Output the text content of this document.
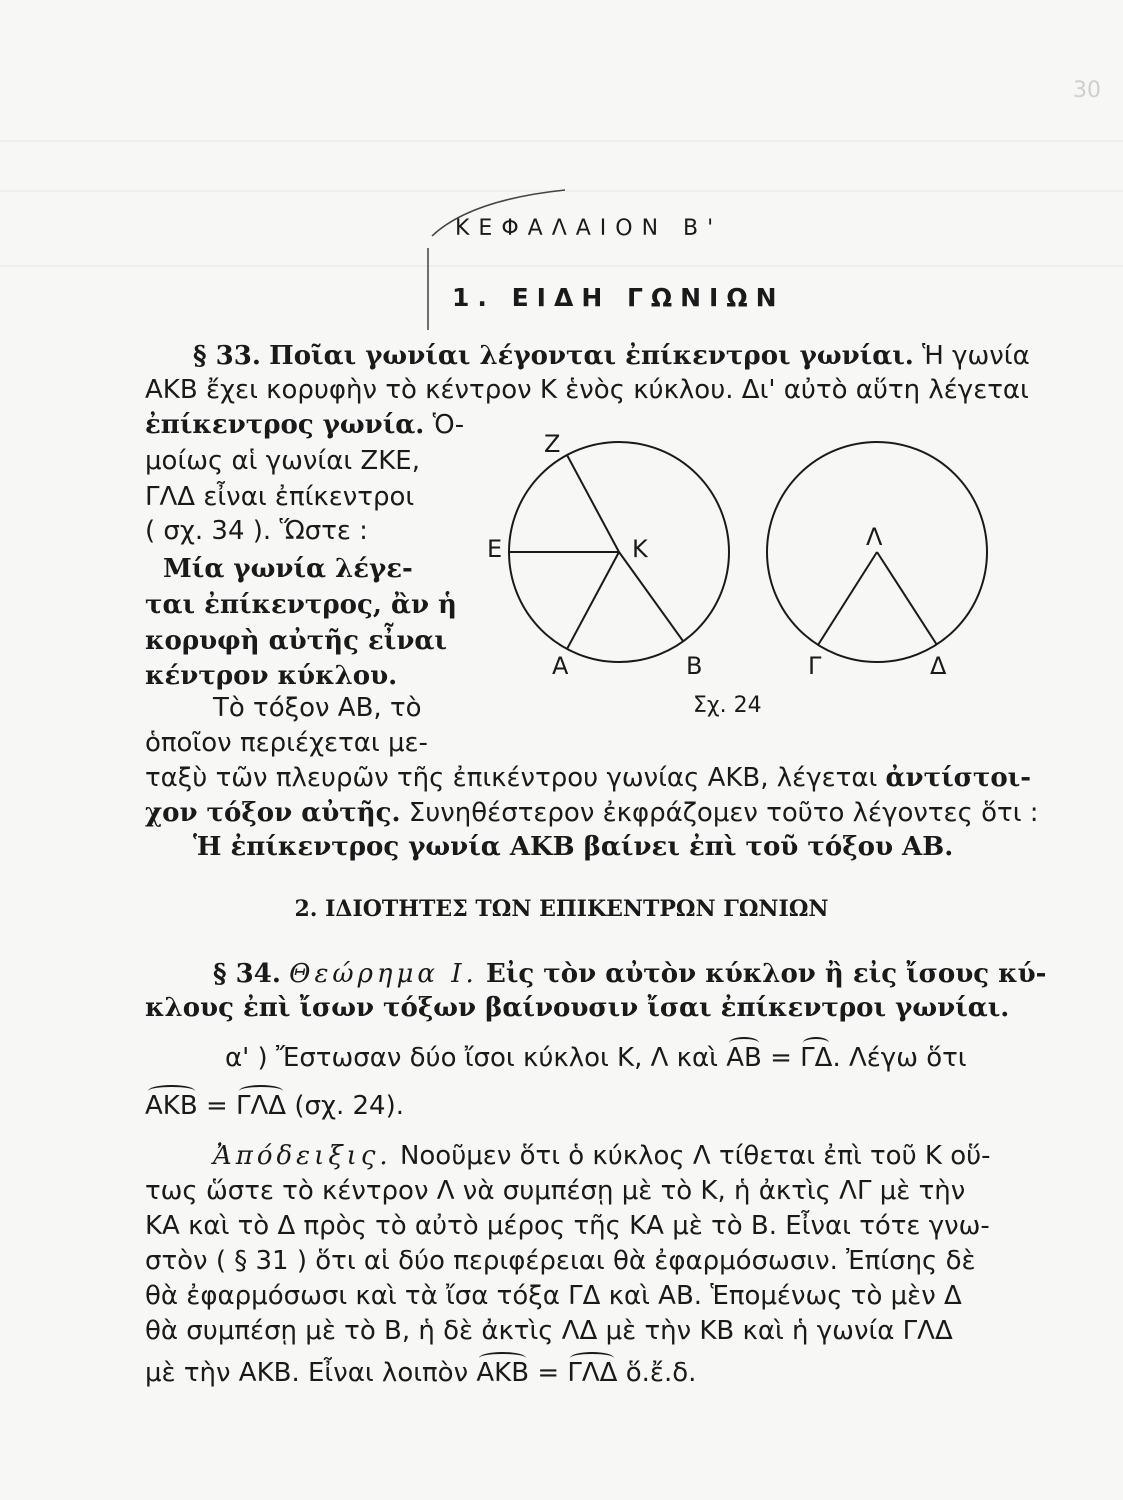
30
ΚΕΦΑΛΑΙΟΝ Β'
1. ΕΙΔΗ ΓΩΝΙΩΝ
§ 33. Ποῖαι γωνίαι λέγονται ἐπίκεντροι γωνίαι. Ἡ γωνία
ΑΚΒ ἔχει κορυφὴν τὸ κέντρον Κ ἑνὸς κύκλου. Δι' αὐτὸ αὕτη λέγεται
ἐπίκεντρος γωνία. Ὁ-
μοίως αἱ γωνίαι ΖΚΕ,
ΓΛΔ εἶναι ἐπίκεντροι
( σχ. 34 ). Ὥστε :
Μία γωνία λέγε-
ται ἐπίκεντρος, ἂν ἡ
κορυφὴ αὐτῆς εἶναι
κέντρον κύκλου.
Τὸ τόξον ΑΒ, τὸ
ὁποῖον περιέχεται με-
ταξὺ τῶν πλευρῶν τῆς ἐπικέντρου γωνίας ΑΚΒ, λέγεται ἀντίστοι-
χον τόξον αὐτῆς. Συνηθέστερον ἐκφράζομεν τοῦτο λέγοντες ὅτι :
Ἡ ἐπίκεντρος γωνία ΑΚΒ βαίνει ἐπὶ τοῦ τόξου ΑΒ.
Z
Ε	Κ
Α	Β
Λ
Γ	Δ
Σχ. 24
2. ΙΔΙΟΤΗΤΕΣ ΤΩΝ ΕΠΙΚΕΝΤΡΩΝ ΓΩΝΙΩΝ
§ 34. Θεώρημα Ι. Εἰς τὸν αὐτὸν κύκλον ἢ εἰς ἴσους κύ-
κλους ἐπὶ ἴσων τόξων βαίνουσιν ἴσαι ἐπίκεντροι γωνίαι.
α' ) Ἔστωσαν δύο ἴσοι κύκλοι Κ, Λ καὶ ΑΒ = ΓΔ. Λέγω ὅτι
ΑΚΒ = ΓΛΔ (σχ. 24).
Ἀπόδειξις. Νοοῦμεν ὅτι ὁ κύκλος Λ τίθεται ἐπὶ τοῦ Κ οὕ-
τως ὥστε τὸ κέντρον Λ νὰ συμπέσῃ μὲ τὸ Κ, ἡ ἀκτὶς ΛΓ μὲ τὴν
ΚΑ καὶ τὸ Δ πρὸς τὸ αὐτὸ μέρος τῆς ΚΑ μὲ τὸ Β. Εἶναι τότε γνω-
στὸν ( § 31 ) ὅτι αἱ δύο περιφέρειαι θὰ ἐφαρμόσωσιν. Ἐπίσης δὲ
θὰ ἐφαρμόσωσι καὶ τὰ ἴσα τόξα ΓΔ καὶ ΑΒ. Ἑπομένως τὸ μὲν Δ
θὰ συμπέσῃ μὲ τὸ Β, ἡ δὲ ἀκτὶς ΛΔ μὲ τὴν ΚΒ καὶ ἡ γωνία ΓΛΔ
μὲ τὴν ΑΚΒ. Εἶναι λοιπὸν ΑΚΒ = ΓΛΔ ὅ.ἔ.δ.
